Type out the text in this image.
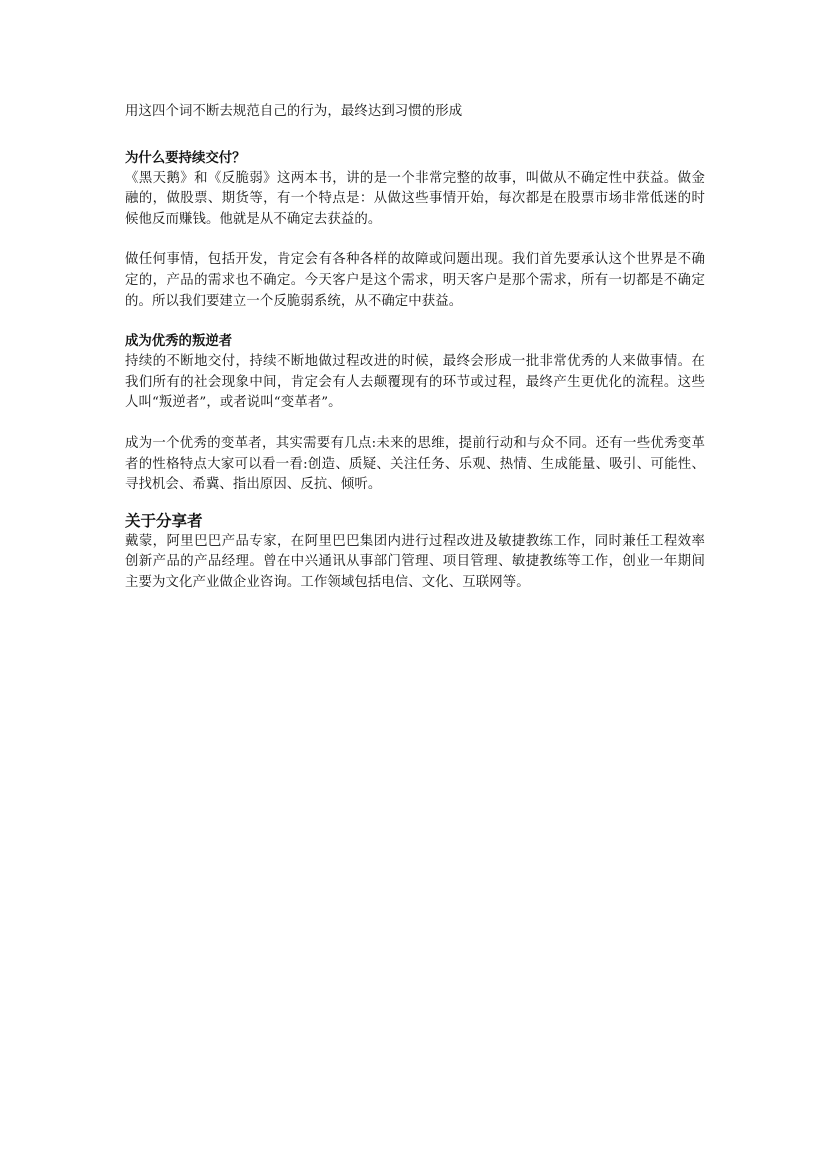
用这四个词不断去规范自己的行为，最终达到习惯的形成

为什么要持续交付？

《黑天鹅》和《反脆弱》这两本书，讲的是一个非常完整的故事，叫做从不确定性中获益。做金融的，做股票、期货等，有一个特点是：从做这些事情开始，每次都是在股票市场非常低迷的时候他反而赚钱。他就是从不确定去获益的。

做任何事情，包括开发，肯定会有各种各样的故障或问题出现。我们首先要承认这个世界是不确定的，产品的需求也不确定。今天客户是这个需求，明天客户是那个需求，所有一切都是不确定的。所以我们要建立一个反脆弱系统，从不确定中获益。

成为优秀的叛逆者

持续的不断地交付，持续不断地做过程改进的时候，最终会形成一批非常优秀的人来做事情。在我们所有的社会现象中间，肯定会有人去颠覆现有的环节或过程，最终产生更优化的流程。这些人叫“叛逆者”，或者说叫“变革者”。

成为一个优秀的变革者，其实需要有几点:未来的思维，提前行动和与众不同。还有一些优秀变革者的性格特点大家可以看一看:创造、质疑、关注任务、乐观、热情、生成能量、吸引、可能性、寻找机会、希冀、指出原因、反抗、倾听。

关于分享者

戴蒙，阿里巴巴产品专家，在阿里巴巴集团内进行过程改进及敏捷教练工作，同时兼任工程效率创新产品的产品经理。曾在中兴通讯从事部门管理、项目管理、敏捷教练等工作，创业一年期间主要为文化产业做企业咨询。工作领域包括电信、文化、互联网等。
